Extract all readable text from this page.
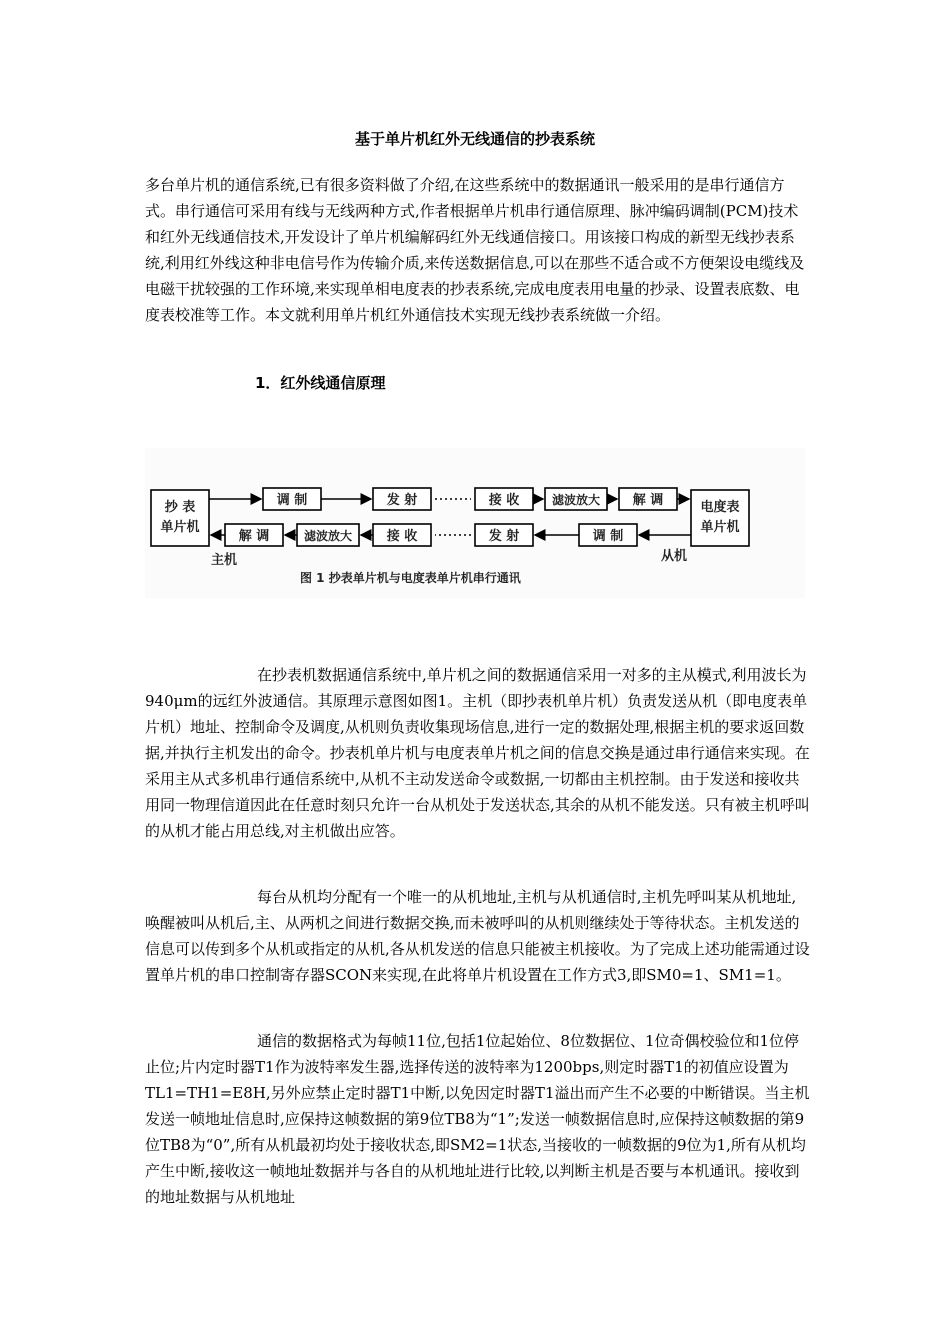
基于单片机红外无线通信的抄表系统

多台单片机的通信系统,已有很多资料做了介绍,在这些系统中的数据通讯一般采用的是串行通信方式。串行通信可采用有线与无线两种方式,作者根据单片机串行通信原理、脉冲编码调制(PCM)技术和红外无线通信技术,开发设计了单片机编解码红外无线通信接口。用该接口构成的新型无线抄表系统,利用红外线这种非电信号作为传输介质,来传送数据信息,可以在那些不适合或不方便架设电缆线及电磁干扰较强的工作环境,来实现单相电度表的抄表系统,完成电度表用电量的抄录、设置表底数、电度表校准等工作。本文就利用单片机红外通信技术实现无线抄表系统做一介绍。

1．红外线通信原理
抄 表
单片机
电度表
单片机
调 制	发 射	接 收	滤波放大	解 调
解 调	滤波放大	接 收	发 射	调 制
主机	从机
图 1 抄表单片机与电度表单片机串行通讯

在抄表机数据通信系统中,单片机之间的数据通信采用一对多的主从模式,利用波长为940μm的远红外波通信。其原理示意图如图1。主机（即抄表机单片机）负责发送从机（即电度表单片机）地址、控制命令及调度,从机则负责收集现场信息,进行一定的数据处理,根据主机的要求返回数据,并执行主机发出的命令。抄表机单片机与电度表单片机之间的信息交换是通过串行通信来实现。在采用主从式多机串行通信系统中,从机不主动发送命令或数据,一切都由主机控制。由于发送和接收共用同一物理信道因此在任意时刻只允许一台从机处于发送状态,其余的从机不能发送。只有被主机呼叫的从机才能占用总线,对主机做出应答。

每台从机均分配有一个唯一的从机地址,主机与从机通信时,主机先呼叫某从机地址,唤醒被叫从机后,主、从两机之间进行数据交换,而未被呼叫的从机则继续处于等待状态。主机发送的信息可以传到多个从机或指定的从机,各从机发送的信息只能被主机接收。为了完成上述功能需通过设置单片机的串口控制寄存器SCON来实现,在此将单片机设置在工作方式3,即SM0=1、SM1=1。

通信的数据格式为每帧11位,包括1位起始位、8位数据位、1位奇偶校验位和1位停止位;片内定时器T1作为波特率发生器,选择传送的波特率为1200bps,则定时器T1的初值应设置为TL1=TH1=E8H,另外应禁止定时器T1中断,以免因定时器T1溢出而产生不必要的中断错误。当主机发送一帧地址信息时,应保持这帧数据的第9位TB8为“1”;发送一帧数据信息时,应保持这帧数据的第9位TB8为“0”,所有从机最初均处于接收状态,即SM2=1状态,当接收的一帧数据的9位为1,所有从机均产生中断,接收这一帧地址数据并与各自的从机地址进行比较,以判断主机是否要与本机通讯。接收到的地址数据与从机地址
